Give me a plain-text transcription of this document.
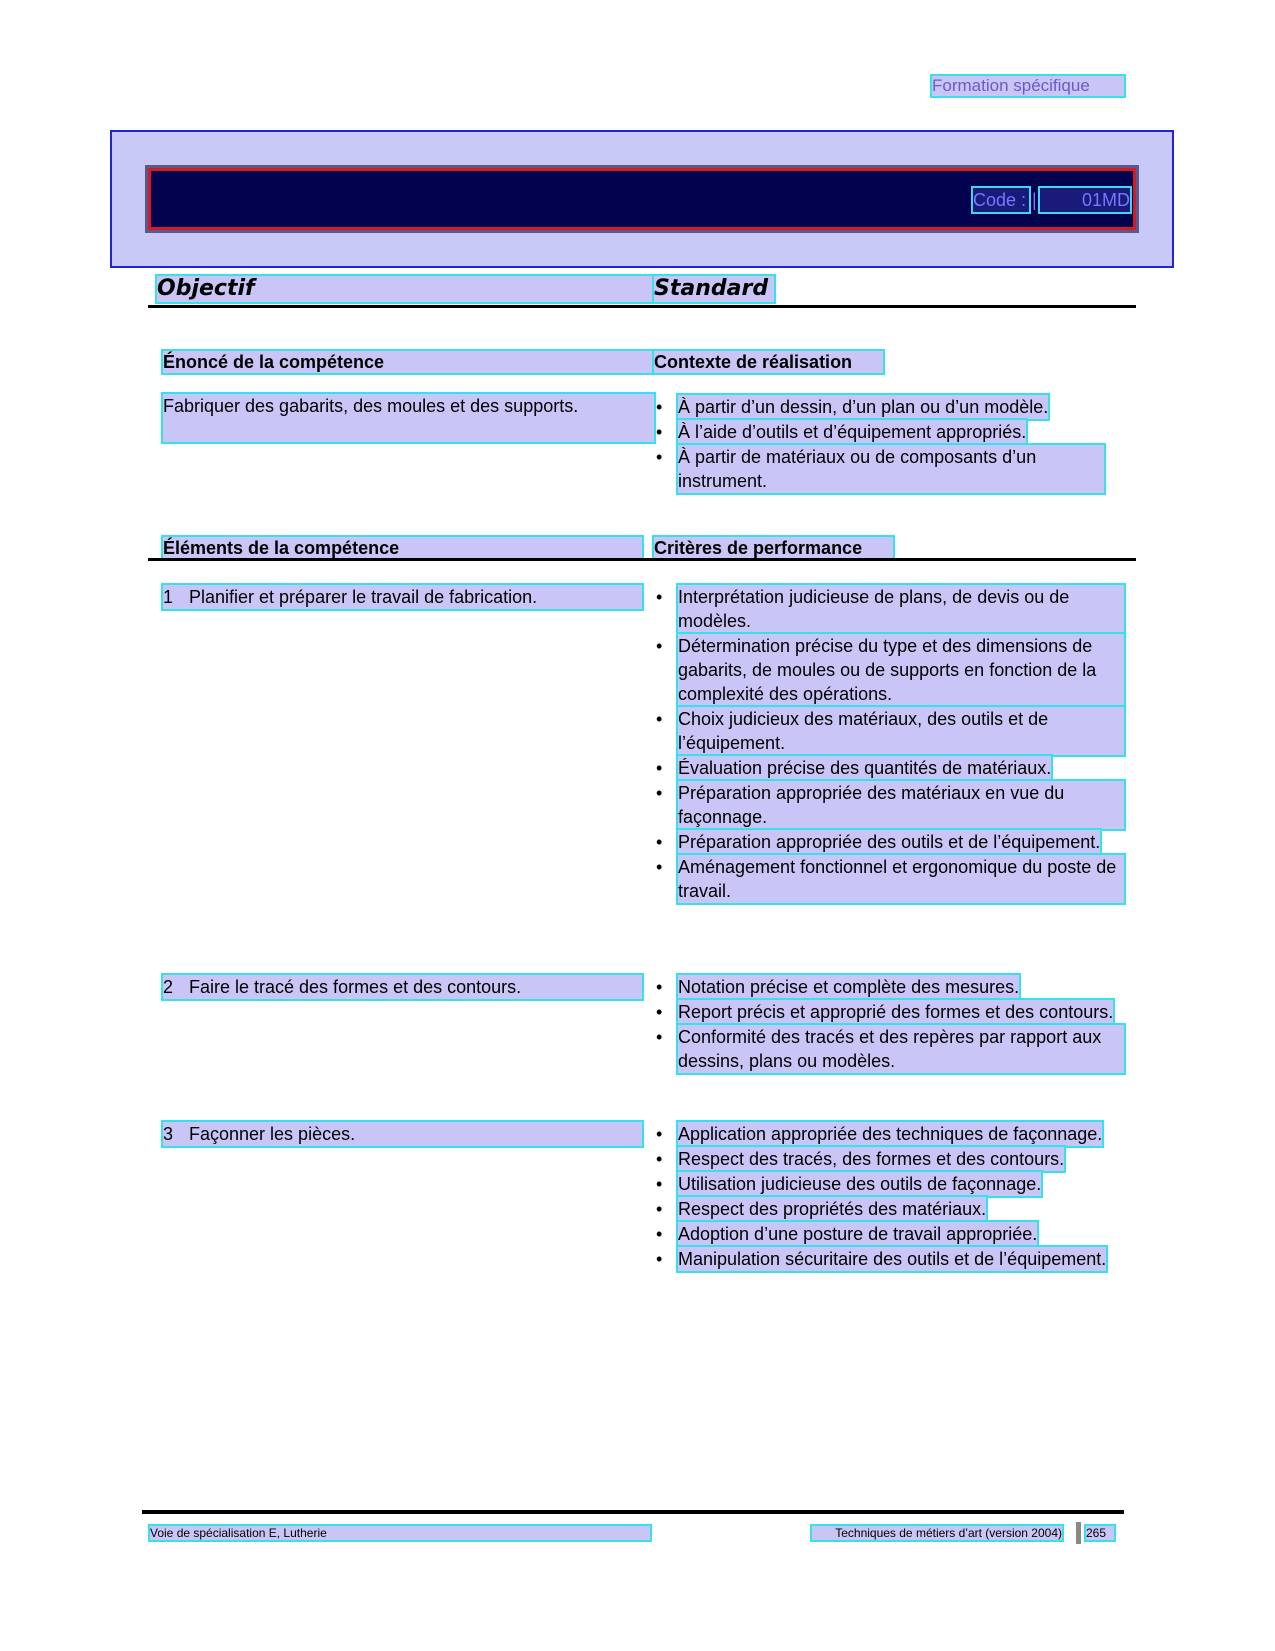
Formation spécifique
Code : |	01MD
Objectif	Standard
Énoncé de la compétence	Contexte de réalisation
Fabriquer des gabarits, des moules et des supports.	• À partir d’un dessin, d’un plan ou d’un modèle.
• À l’aide d’outils et d’équipement appropriés.
• À partir de matériaux ou de composants d’un instrument.
Éléments de la compétence	Critères de performance
1 Planifier et préparer le travail de fabrication.	• Interprétation judicieuse de plans, de devis ou de modèles.
• Détermination précise du type et des dimensions de gabarits, de moules ou de supports en fonction de la complexité des opérations.
• Choix judicieux des matériaux, des outils et de l’équipement.
• Évaluation précise des quantités de matériaux.
• Préparation appropriée des matériaux en vue du façonnage.
• Préparation appropriée des outils et de l’équipement.
• Aménagement fonctionnel et ergonomique du poste de travail.
2 Faire le tracé des formes et des contours.	• Notation précise et complète des mesures.
• Report précis et approprié des formes et des contours.
• Conformité des tracés et des repères par rapport aux dessins, plans ou modèles.
3 Façonner les pièces.	• Application appropriée des techniques de façonnage.
• Respect des tracés, des formes et des contours.
• Utilisation judicieuse des outils de façonnage.
• Respect des propriétés des matériaux.
• Adoption d’une posture de travail appropriée.
• Manipulation sécuritaire des outils et de l’équipement.
Voie de spécialisation E, Lutherie	Techniques de métiers d’art (version 2004) 265
